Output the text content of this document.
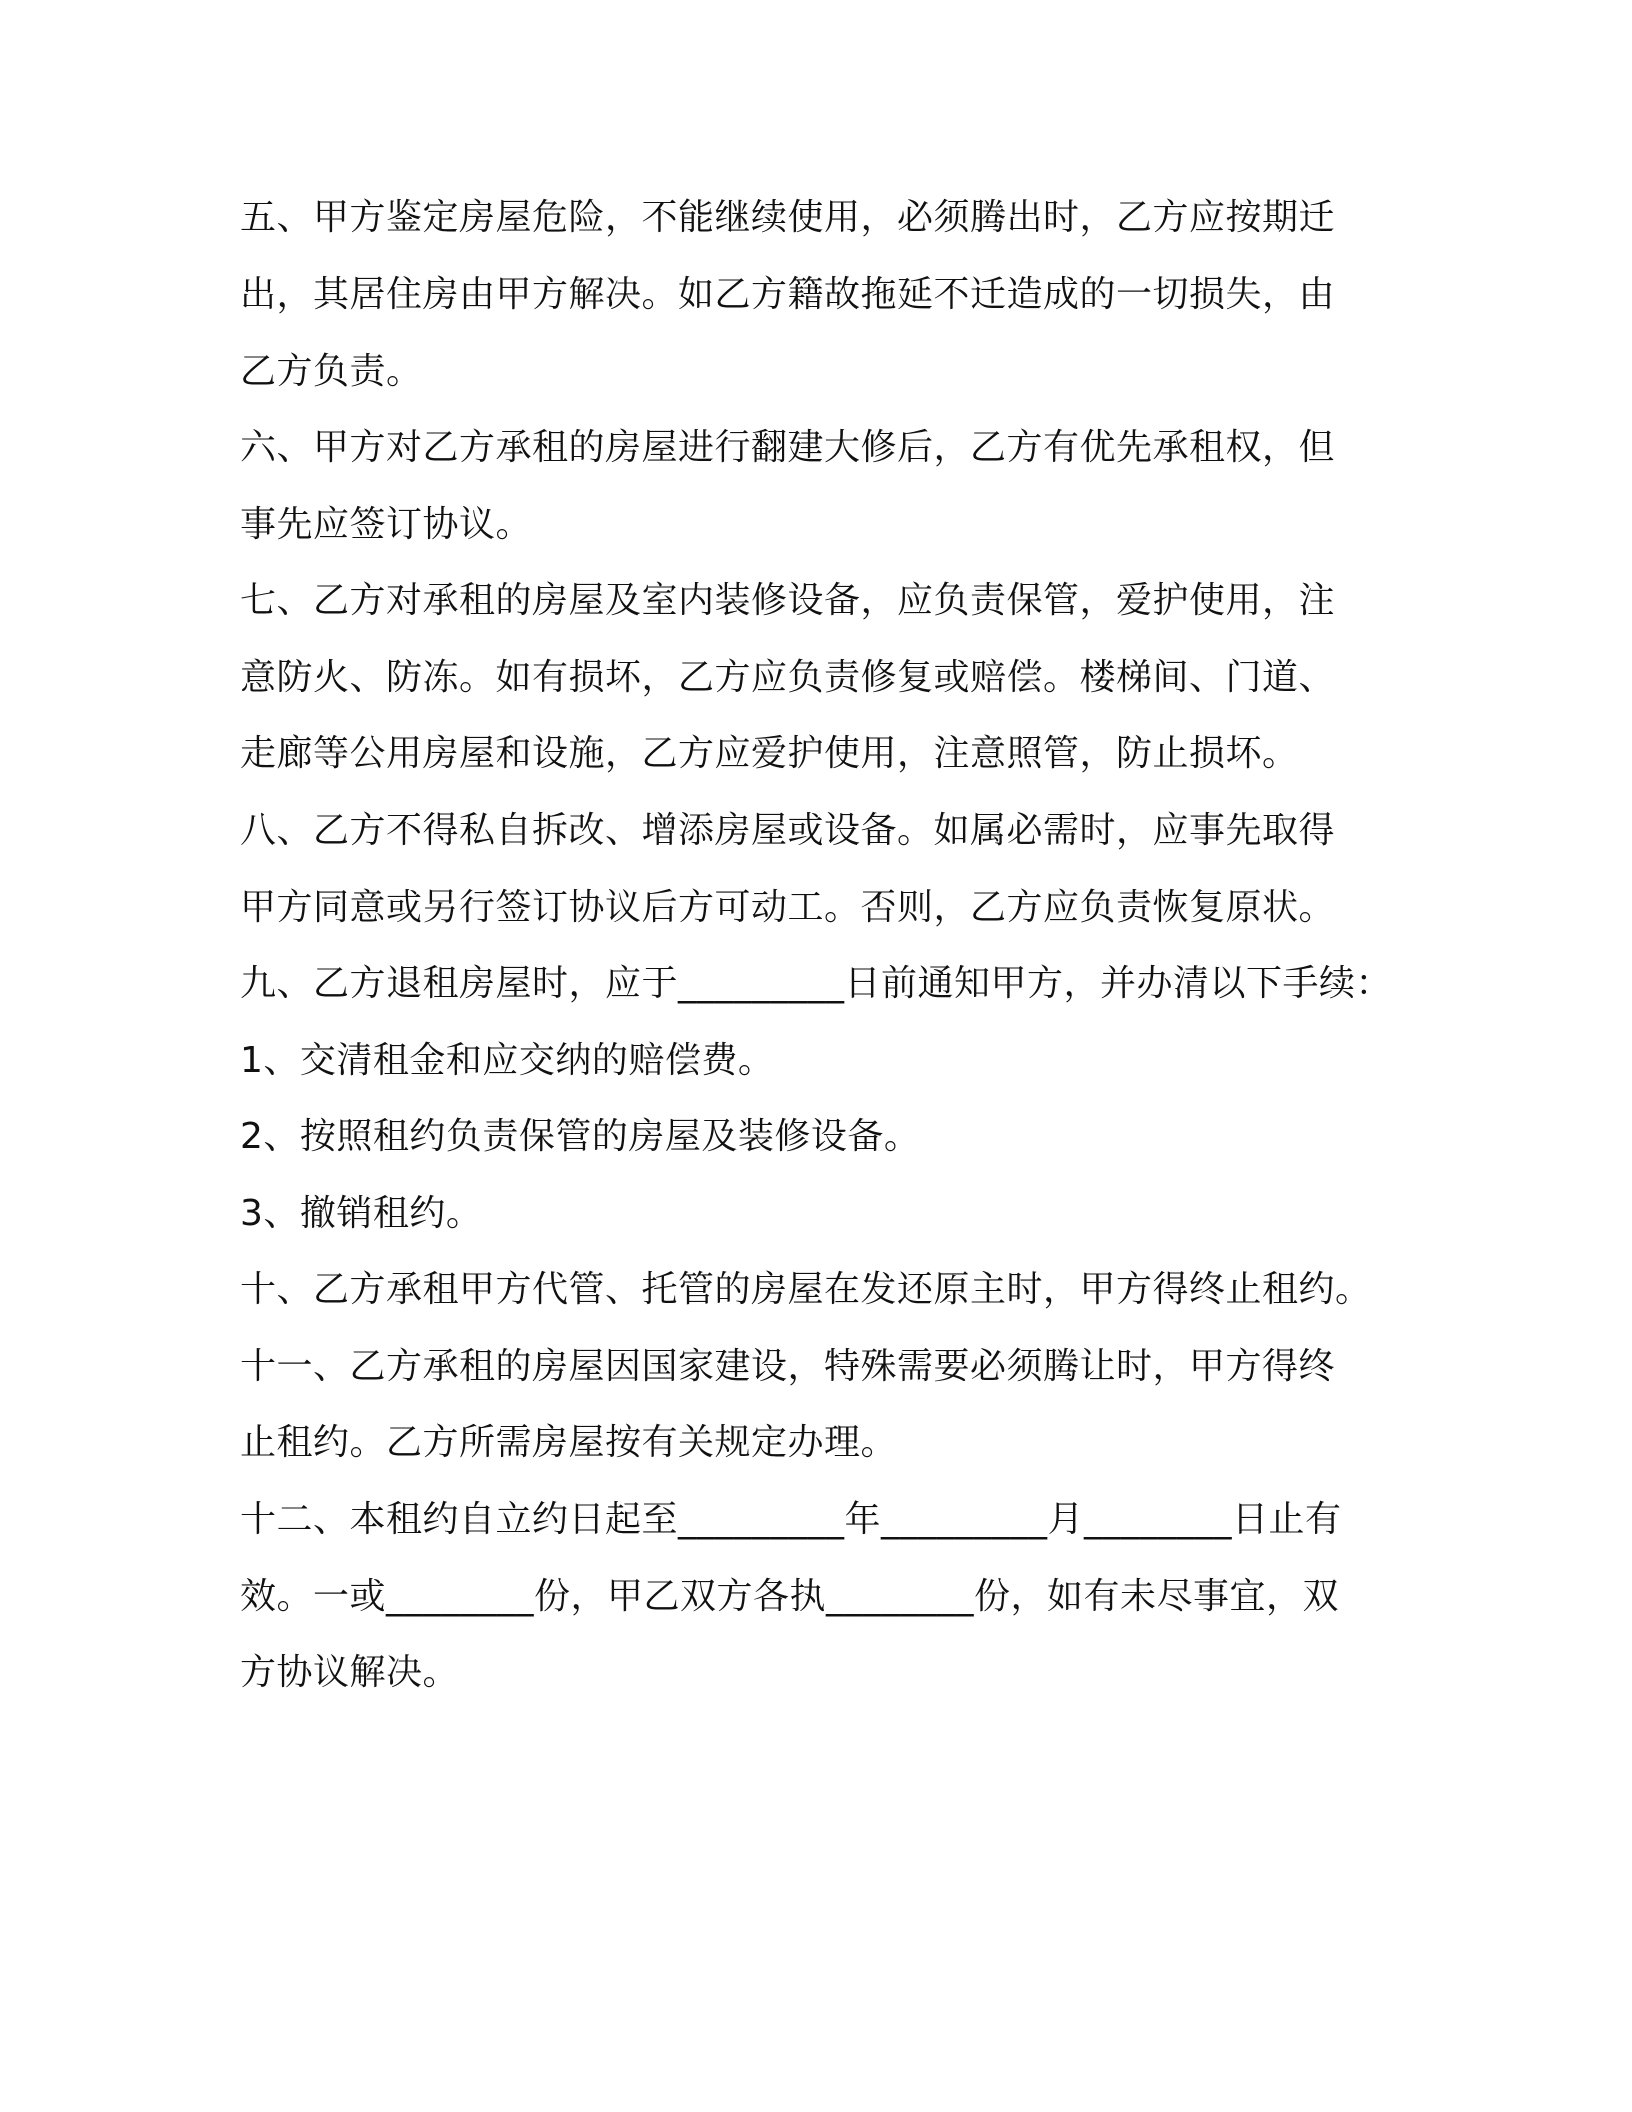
五、甲方鉴定房屋危险，不能继续使用，必须腾出时，乙方应按期迁

出，其居住房由甲方解决。如乙方籍故拖延不迁造成的一切损失，由

乙方负责。

六、甲方对乙方承租的房屋进行翻建大修后，乙方有优先承租权，但

事先应签订协议。

七、乙方对承租的房屋及室内装修设备，应负责保管，爱护使用，注

意防火、防冻。如有损坏，乙方应负责修复或赔偿。楼梯间、门道、

走廊等公用房屋和设施，乙方应爱护使用，注意照管，防止损坏。

八、乙方不得私自拆改、增添房屋或设备。如属必需时，应事先取得

甲方同意或另行签订协议后方可动工。否则，乙方应负责恢复原状。

九、乙方退租房屋时，应于_________日前通知甲方，并办清以下手续：

1、交清租金和应交纳的赔偿费。

2、按照租约负责保管的房屋及装修设备。

3、撤销租约。

十、乙方承租甲方代管、托管的房屋在发还原主时，甲方得终止租约。

十一、乙方承租的房屋因国家建设，特殊需要必须腾让时，甲方得终

止租约。乙方所需房屋按有关规定办理。

十二、本租约自立约日起至_________年_________月________日止有

效。一或________份，甲乙双方各执________份，如有未尽事宜，双

方协议解决。
